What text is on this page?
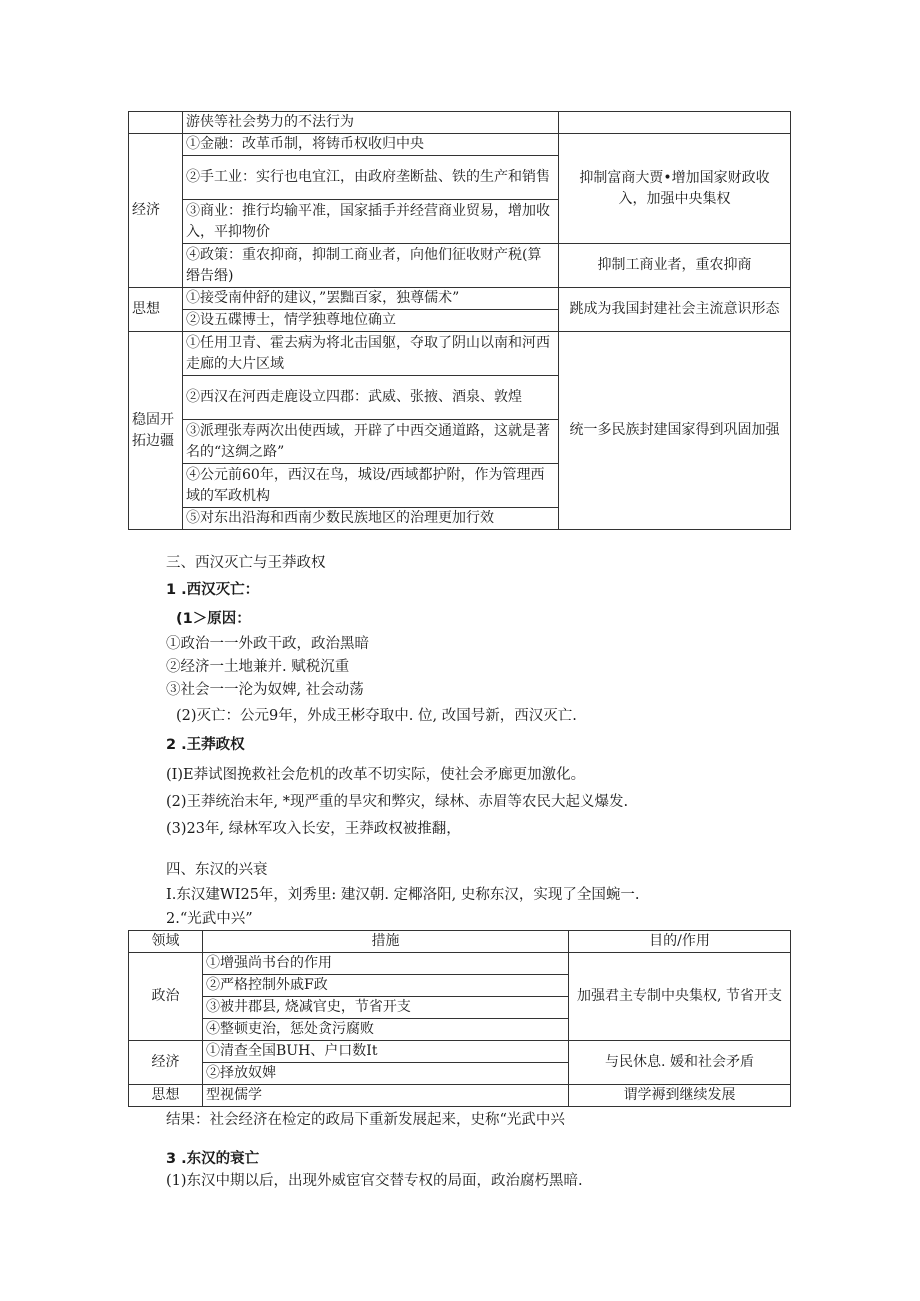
	游侠等社会势力的不法行为	
经济	①金融：改革币制，将铸币权收归中央	抑制富商大贾•增加国家财政收入，加强中央集权
	②手工业：实行也电宜江，由政府垄断盐、铁的生产和销售	
	③商业：推行均输平准，国家插手并经营商业贸易，增加收入，平抑物价	
	④政策：重农抑商，抑制工商业者，向他们征收财产税(算缗告缗)	抑制工商业者，重农抑商
思想	①接受南仲舒的建议，”罢黜百家，独尊儒术”	跳成为我国封建社会主流意识形态
	②设五碟博士，情学独尊地位确立	
稳固开拓边疆	①任用卫青、霍去病为将北击国躯，夺取了阴山以南和河西走廊的大片区域	统一多民族封建国家得到巩固加强
	②西汉在河西走鹿设立四郡：武威、张掖、酒泉、敦煌	
	③派理张寿两次出使西域，开辟了中西交通道路，这就是著名的“这绸之路”	
	④公元前60年，西汉在鸟，城设/西域都护附，作为管理西域的军政机构	
	⑤对东出沿海和西南少数民族地区的治理更加行效	
三、西汉灭亡与王莽政权
1 .西汉灭亡：
(1＞原因：
①政治一一外政干政，政治黑暗
②经济一土地兼并. 赋税沉重
③社会一一沦为奴婢, 社会动荡
(2)灭亡：公元9年，外成王彬夺取中. 位, 改国号新，西汉灭亡.
2 .王莽政权
(I)E莽试图挽救社会危机的改革不切实际，使社会矛廊更加激化。
(2)王莽统治末年, *现严重的旱灾和弊灾，绿林、赤眉等农民大起义爆发.
(3)23年, 绿林军攻入长安，王莽政权被推翻，
四、东汉的兴衰
I.东汉建WI25年，刘秀里: 建汉朝. 定椰洛阳, 史称东汉，实现了全国蜿一.
2.“光武中兴”
领域	措施	目的/作用
政治	①增强尚书台的作用	加强君主专制中央集权, 节省开支
	②严格控制外戚F政	
	③被井郡县, 烧减官史，节省开支	
	④整顿吏治，惩处贪污腐败	
经济	①清查全国BUH、户口数It	与民休息. 媛和社会矛盾
	②择放奴婢	
思想	型视儒学	谓学褥到继续发展
结果：社会经济在检定的政局下重新发展起来，史称“光武中兴
3 .东汉的衰亡
(1)东汉中期以后，出现外威宦官交替专权的局面，政治腐朽黑暗.
